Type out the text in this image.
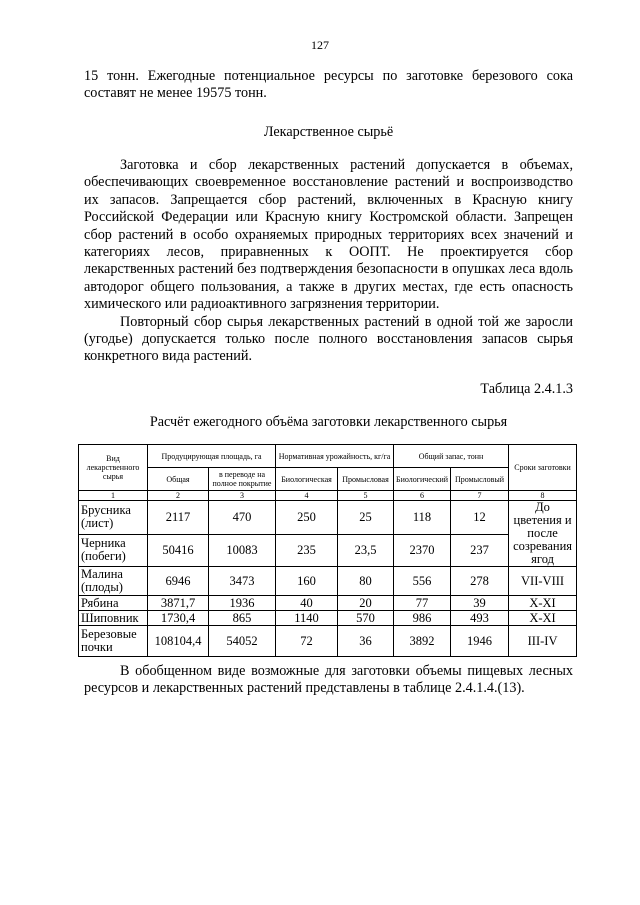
127

15 тонн. Ежегодные потенциальное ресурсы по заготовке березового сока составят не менее 19575 тонн.

Лекарственное сырьё

Заготовка и сбор лекарственных растений допускается в объемах, обеспечивающих своевременное восстановление растений и воспроизводство их запасов. Запрещается сбор растений, включенных в Красную книгу Российской Федерации или Красную книгу Костромской области. Запрещен сбор растений в особо охраняемых природных территориях всех значений и категориях лесов, приравненных к ООПТ. Не проектируется сбор лекарственных растений без подтверждения безопасности в опушках леса вдоль автодорог общего пользования, а также в других местах, где есть опасность химического или радиоактивного загрязнения территории.

Повторный сбор сырья лекарственных растений в одной той же заросли (угодье) допускается только после полного восстановления запасов сырья конкретного вида растений.

Таблица 2.4.1.3
Расчёт ежегодного объёма заготовки лекарственного сырья
Вид лекарственного сырья	Продуцирующая площадь, га		Нормативная урожайность, кг/га		Общий запас, тонн		Сроки заготовки
	Общая	в переводе на полное покрытие	Биологическая	Промысловая	Биологический	Промысловый	
1	2	3	4	5	6	7	8
Брусника (лист)	2117	470	250	25	118	12	До цветения и после созревания ягод
Черника (побеги)	50416	10083	235	23,5	2370	237	
Малина (плоды)	6946	3473	160	80	556	278	VII-VIII
Рябина	3871,7	1936	40	20	77	39	X-XI
Шиповник	1730,4	865	1140	570	986	493	X-XI
Березовые почки	108104,4	54052	72	36	3892	1946	III-IV

В обобщенном виде возможные для заготовки объемы пищевых лесных ресурсов и лекарственных растений представлены в таблице 2.4.1.4.(13).
